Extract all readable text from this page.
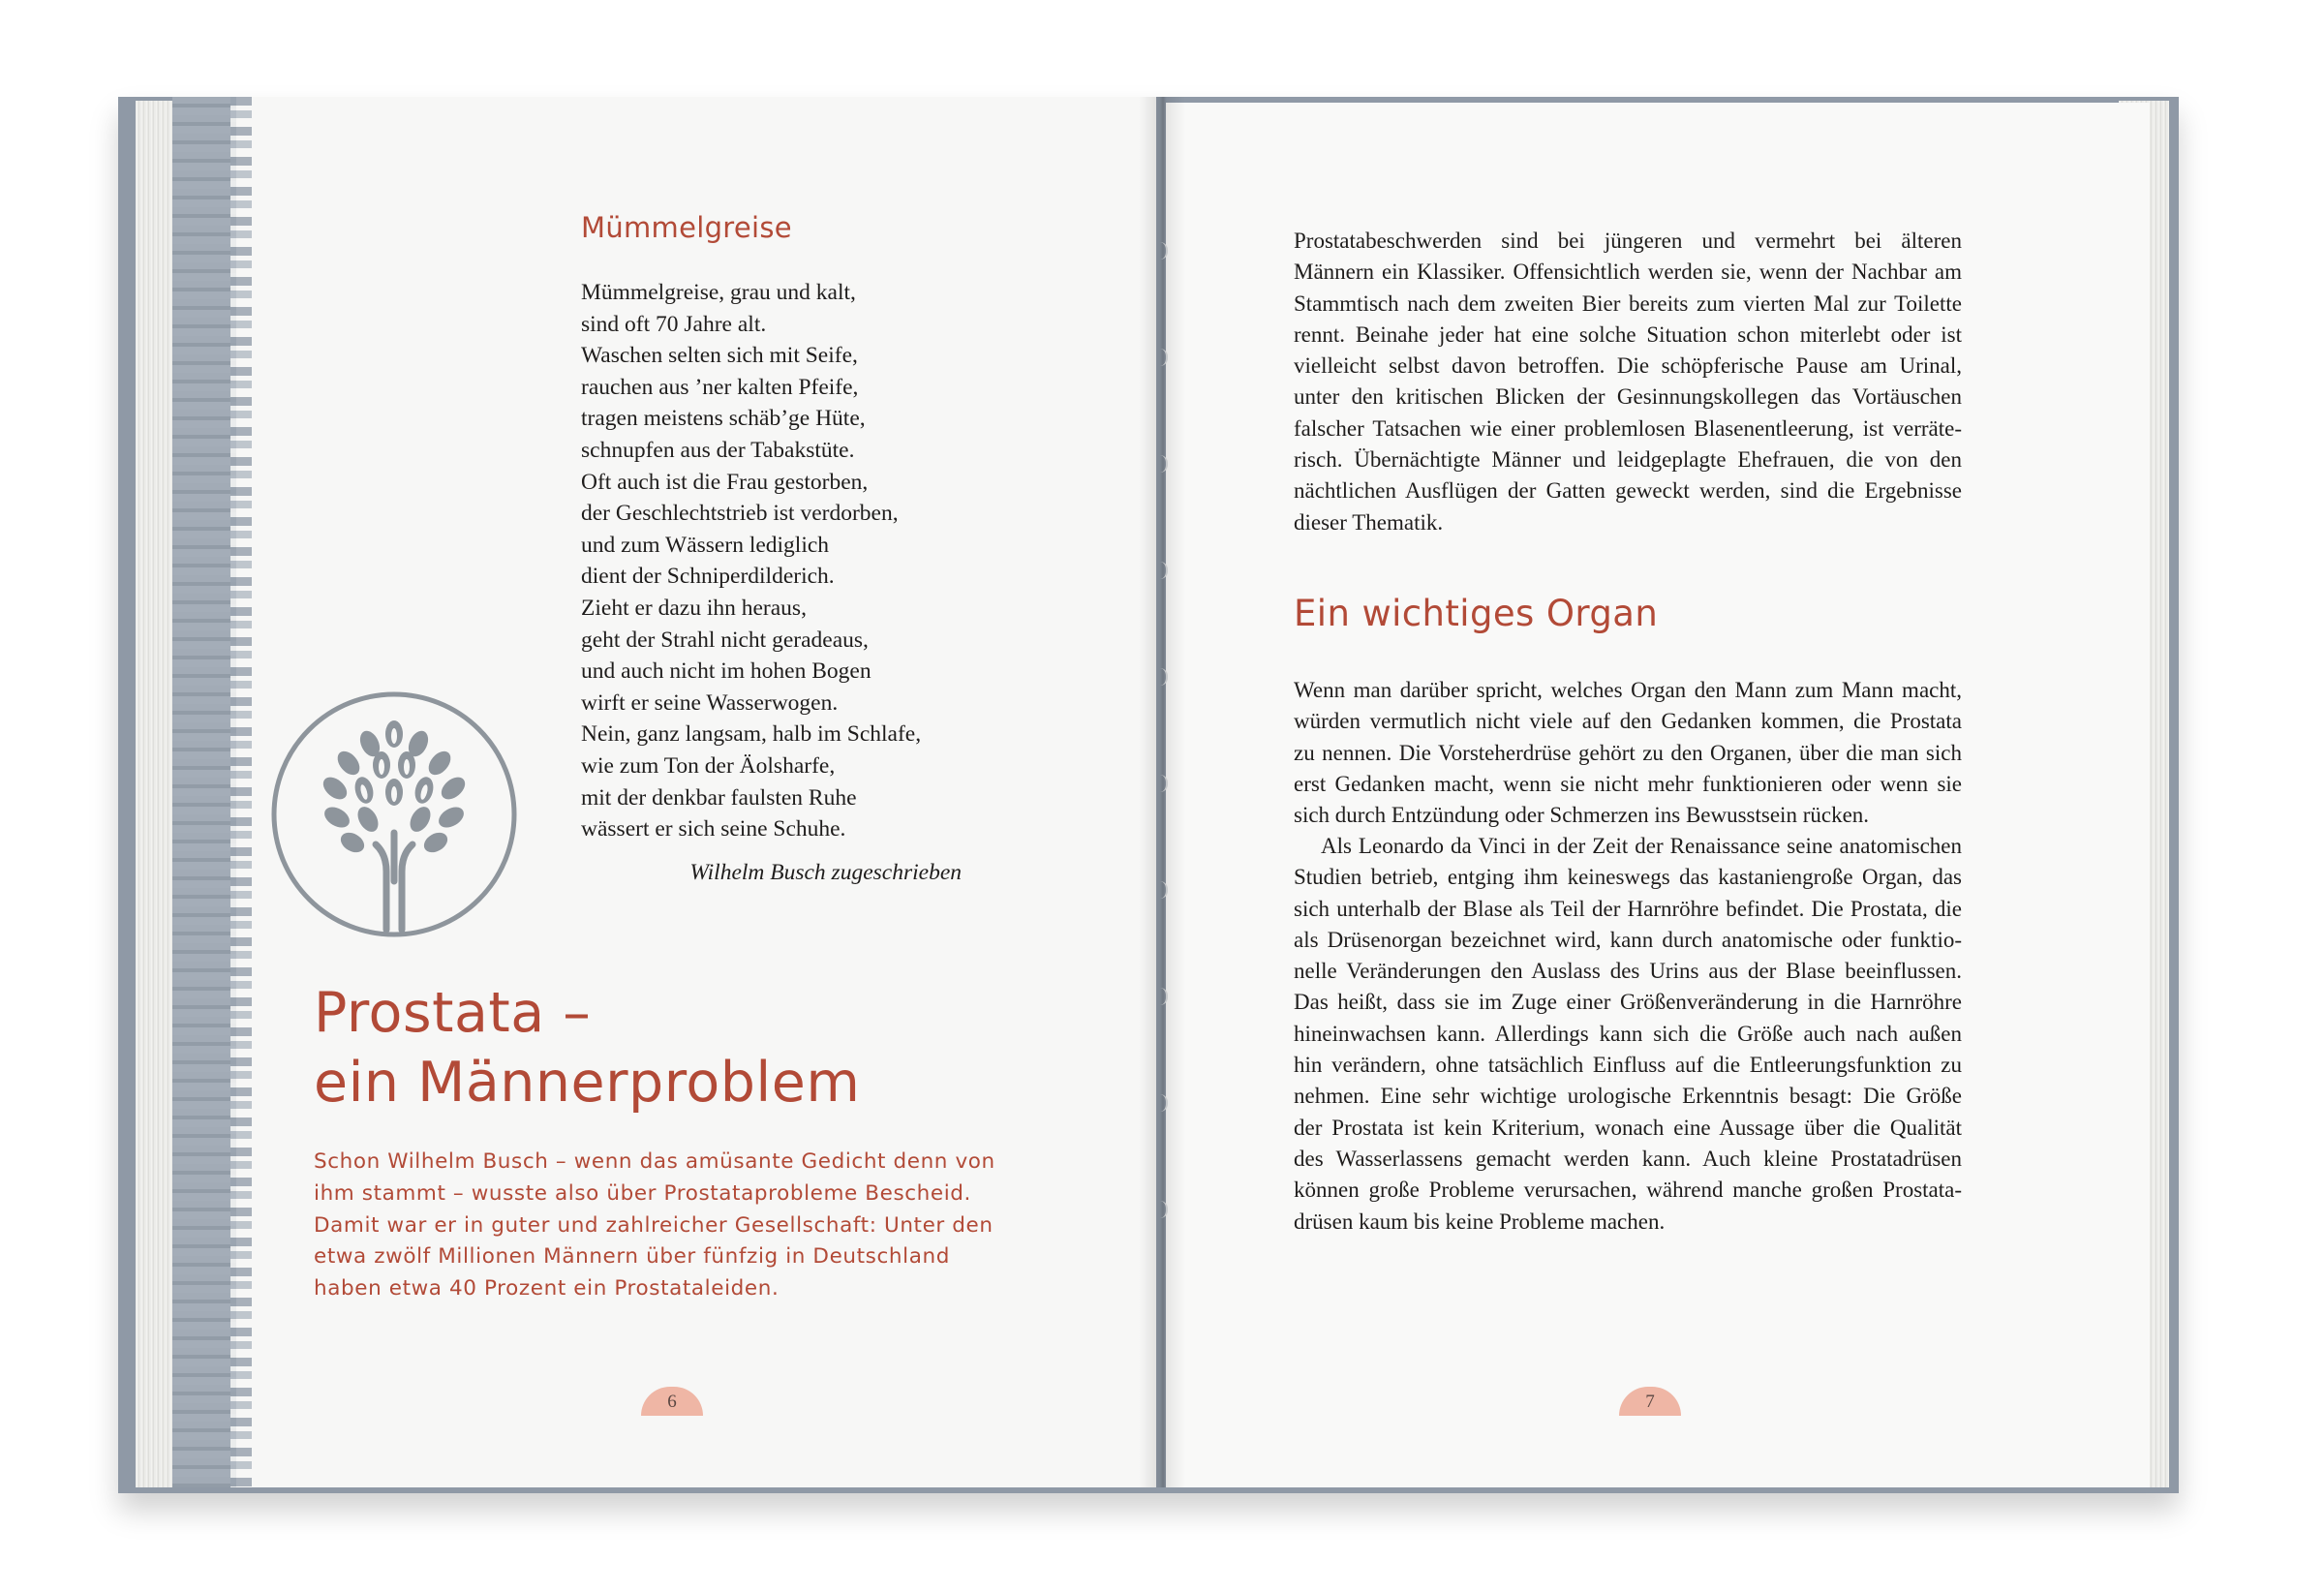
Mümmelgreise
Mümmelgreise, grau und kalt,
sind oft 70 Jahre alt.
Waschen selten sich mit Seife,
rauchen aus ’ner kalten Pfeife,
tragen meistens schäb’ge Hüte,
schnupfen aus der Tabakstüte.
Oft auch ist die Frau gestorben,
der Geschlechtstrieb ist verdorben,
und zum Wässern lediglich
dient der Schniperdilderich.
Zieht er dazu ihn heraus,
geht der Strahl nicht geradeaus,
und auch nicht im hohen Bogen
wirft er seine Wasserwogen.
Nein, ganz langsam, halb im Schlafe,
wie zum Ton der Äolsharfe,
mit der denkbar faulsten Ruhe
wässert er sich seine Schuhe.
Wilhelm Busch zugeschrieben
Prostata –
ein Männerproblem
Schon Wilhelm Busch – wenn das amüsante Gedicht denn von
ihm stammt – wusste also über Prostataprobleme Bescheid.
Damit war er in guter und zahlreicher Gesellschaft: Unter den
etwa zwölf Millionen Männern über fünfzig in Deutschland
haben etwa 40 Prozent ein Prostataleiden.
6
Prostatabeschwerden sind bei jüngeren und vermehrt bei älteren
Männern ein Klassiker. Offensichtlich werden sie, wenn der Nachbar am
Stammtisch nach dem zweiten Bier bereits zum vierten Mal zur Toilette
rennt. Beinahe jeder hat eine solche Situation schon miterlebt oder ist
vielleicht selbst davon betroffen. Die schöpferische Pause am Urinal,
unter den kritischen Blicken der Gesinnungskollegen das Vortäuschen
falscher Tatsachen wie einer problemlosen Blasenentleerung, ist verräte-
risch. Übernächtigte Männer und leidgeplagte Ehefrauen, die von den
nächtlichen Ausflügen der Gatten geweckt werden, sind die Ergebnisse
dieser Thematik.
Ein wichtiges Organ
Wenn man darüber spricht, welches Organ den Mann zum Mann macht,
würden vermutlich nicht viele auf den Gedanken kommen, die Prostata
zu nennen. Die Vorsteherdrüse gehört zu den Organen, über die man sich
erst Gedanken macht, wenn sie nicht mehr funktionieren oder wenn sie
sich durch Entzündung oder Schmerzen ins Bewusstsein rücken.
Als Leonardo da Vinci in der Zeit der Renaissance seine anatomischen
Studien betrieb, entging ihm keineswegs das kastaniengroße Organ, das
sich unterhalb der Blase als Teil der Harnröhre befindet. Die Prostata, die
als Drüsenorgan bezeichnet wird, kann durch anatomische oder funktio-
nelle Veränderungen den Auslass des Urins aus der Blase beeinflussen.
Das heißt, dass sie im Zuge einer Größenveränderung in die Harnröhre
hineinwachsen kann. Allerdings kann sich die Größe auch nach außen
hin verändern, ohne tatsächlich Einfluss auf die Entleerungsfunktion zu
nehmen. Eine sehr wichtige urologische Erkenntnis besagt: Die Größe
der Prostata ist kein Kriterium, wonach eine Aussage über die Qualität
des Wasserlassens gemacht werden kann. Auch kleine Prostatadrüsen
können große Probleme verursachen, während manche großen Prostata-
drüsen kaum bis keine Probleme machen.
7
